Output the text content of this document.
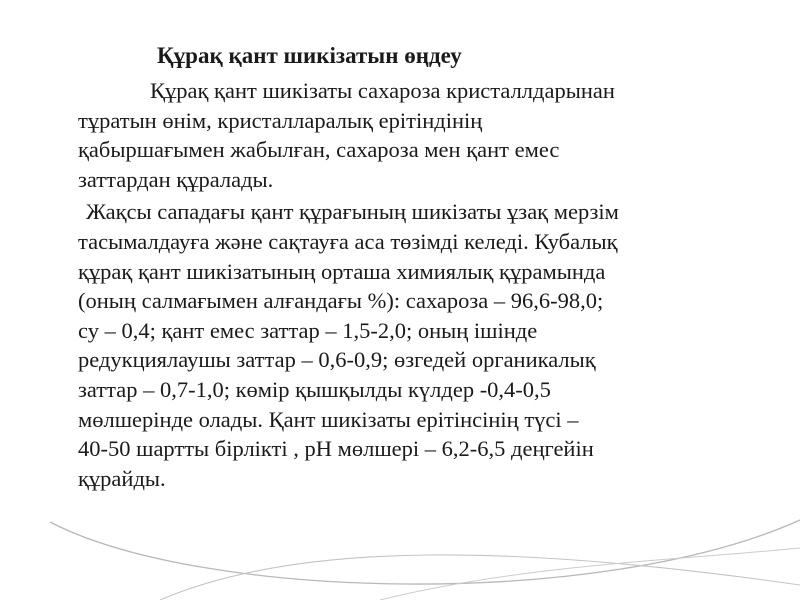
Құрақ қант шикізатын өңдеу
Құрақ қант шикізаты сахароза кристаллдарынан
тұратын өнім, кристалларалық ерітіндінің
қабыршағымен жабылған, сахароза мен қант емес
заттардан құралады.
Жақсы сападағы қант құрағының шикізаты ұзақ мерзім
тасымалдауға және сақтауға аса төзімді келеді. Кубалық
құрақ қант шикізатының орташа химиялық құрамында
(оның салмағымен алғандағы %): сахароза – 96,6-98,0;
су – 0,4; қант емес заттар – 1,5-2,0; оның ішінде
редукциялаушы заттар – 0,6-0,9; өзгедей органикалық
заттар – 0,7-1,0; көмір қышқылды күлдер -0,4-0,5
мөлшерінде олады. Қант шикізаты ерітінсінің түсі –
40-50 шартты бірлікті , рН мөлшері – 6,2-6,5 деңгейін
құрайды.
